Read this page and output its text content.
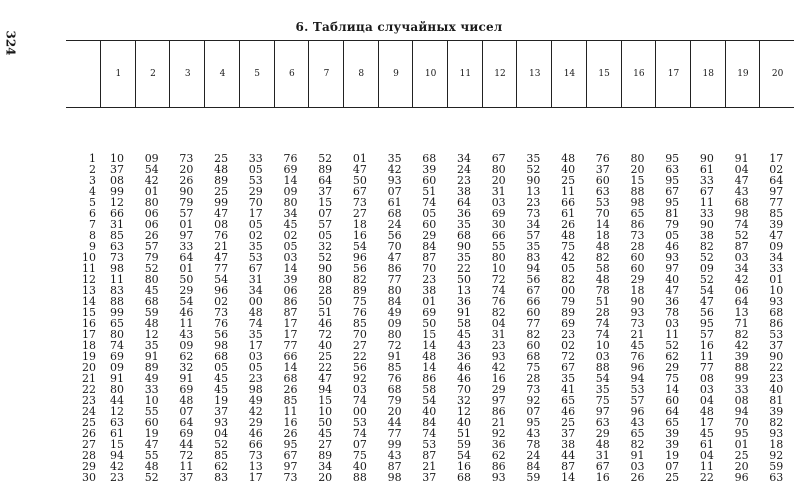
324
6. Таблица случайных чисел
1	2	3	4	5	6	7	8	9	10	11	12	13	14	15	16	17	18	19	20
1	10	09	73	25	33	76	52	01	35	68	34	67	35	48	76	80	95	90	91	17
2	37	54	20	48	05	69	89	47	42	39	24	80	52	40	37	20	63	61	04	02
3	08	42	26	89	53	14	64	50	93	60	23	20	90	25	60	15	95	33	47	64
4	99	01	90	25	29	09	37	67	07	51	38	31	13	11	63	88	67	67	43	97
5	12	80	79	99	70	80	15	73	61	74	64	03	23	66	53	98	95	11	68	77
6	66	06	57	47	17	34	07	27	68	05	36	69	73	61	70	65	81	33	98	85
7	31	06	01	08	05	45	57	18	24	60	35	30	34	26	14	86	79	90	74	39
8	85	26	97	76	02	02	05	16	56	29	68	66	57	48	18	73	05	38	52	47
9	63	57	33	21	35	05	32	54	70	84	90	55	35	75	48	28	46	82	87	09
10	73	79	64	47	53	03	52	96	47	87	35	80	83	42	82	60	93	52	03	34
11	98	52	01	77	67	14	90	56	86	70	22	10	94	05	58	60	97	09	34	33
12	11	80	50	54	31	39	80	82	77	23	50	72	56	82	48	29	40	52	42	01
13	83	45	29	96	34	06	28	89	80	38	13	74	67	00	78	18	47	54	06	10
14	88	68	54	02	00	86	50	75	84	01	36	76	66	79	51	90	36	47	64	93
15	99	59	46	73	48	87	51	76	49	69	91	82	60	89	28	93	78	56	13	68
16	65	48	11	76	74	17	46	85	09	50	58	04	77	69	74	73	03	95	71	86
17	80	12	43	56	35	17	72	70	80	15	45	31	82	23	74	21	11	57	82	53
18	74	35	09	98	17	77	40	27	72	14	43	23	60	02	10	45	52	16	42	37
19	69	91	62	68	03	66	25	22	91	48	36	93	68	72	03	76	62	11	39	90
20	09	89	32	05	05	14	22	56	85	14	46	42	75	67	88	96	29	77	88	22
21	91	49	91	45	23	68	47	92	76	86	46	16	28	35	54	94	75	08	99	23
22	80	33	69	45	98	26	94	03	68	58	70	29	73	41	35	53	14	03	33	40
23	44	10	48	19	49	85	15	74	79	54	32	97	92	65	75	57	60	04	08	81
24	12	55	07	37	42	11	10	00	20	40	12	86	07	46	97	96	64	48	94	39
25	63	60	64	93	29	16	50	53	44	84	40	21	95	25	63	43	65	17	70	82
26	61	19	69	04	46	26	45	74	77	74	51	92	43	37	29	65	39	45	95	93
27	15	47	44	52	66	95	27	07	99	53	59	36	78	38	48	82	39	61	01	18
28	94	55	72	85	73	67	89	75	43	87	54	62	24	44	31	91	19	04	25	92
29	42	48	11	62	13	97	34	40	87	21	16	86	84	87	67	03	07	11	20	59
30	23	52	37	83	17	73	20	88	98	37	68	93	59	14	16	26	25	22	96	63
